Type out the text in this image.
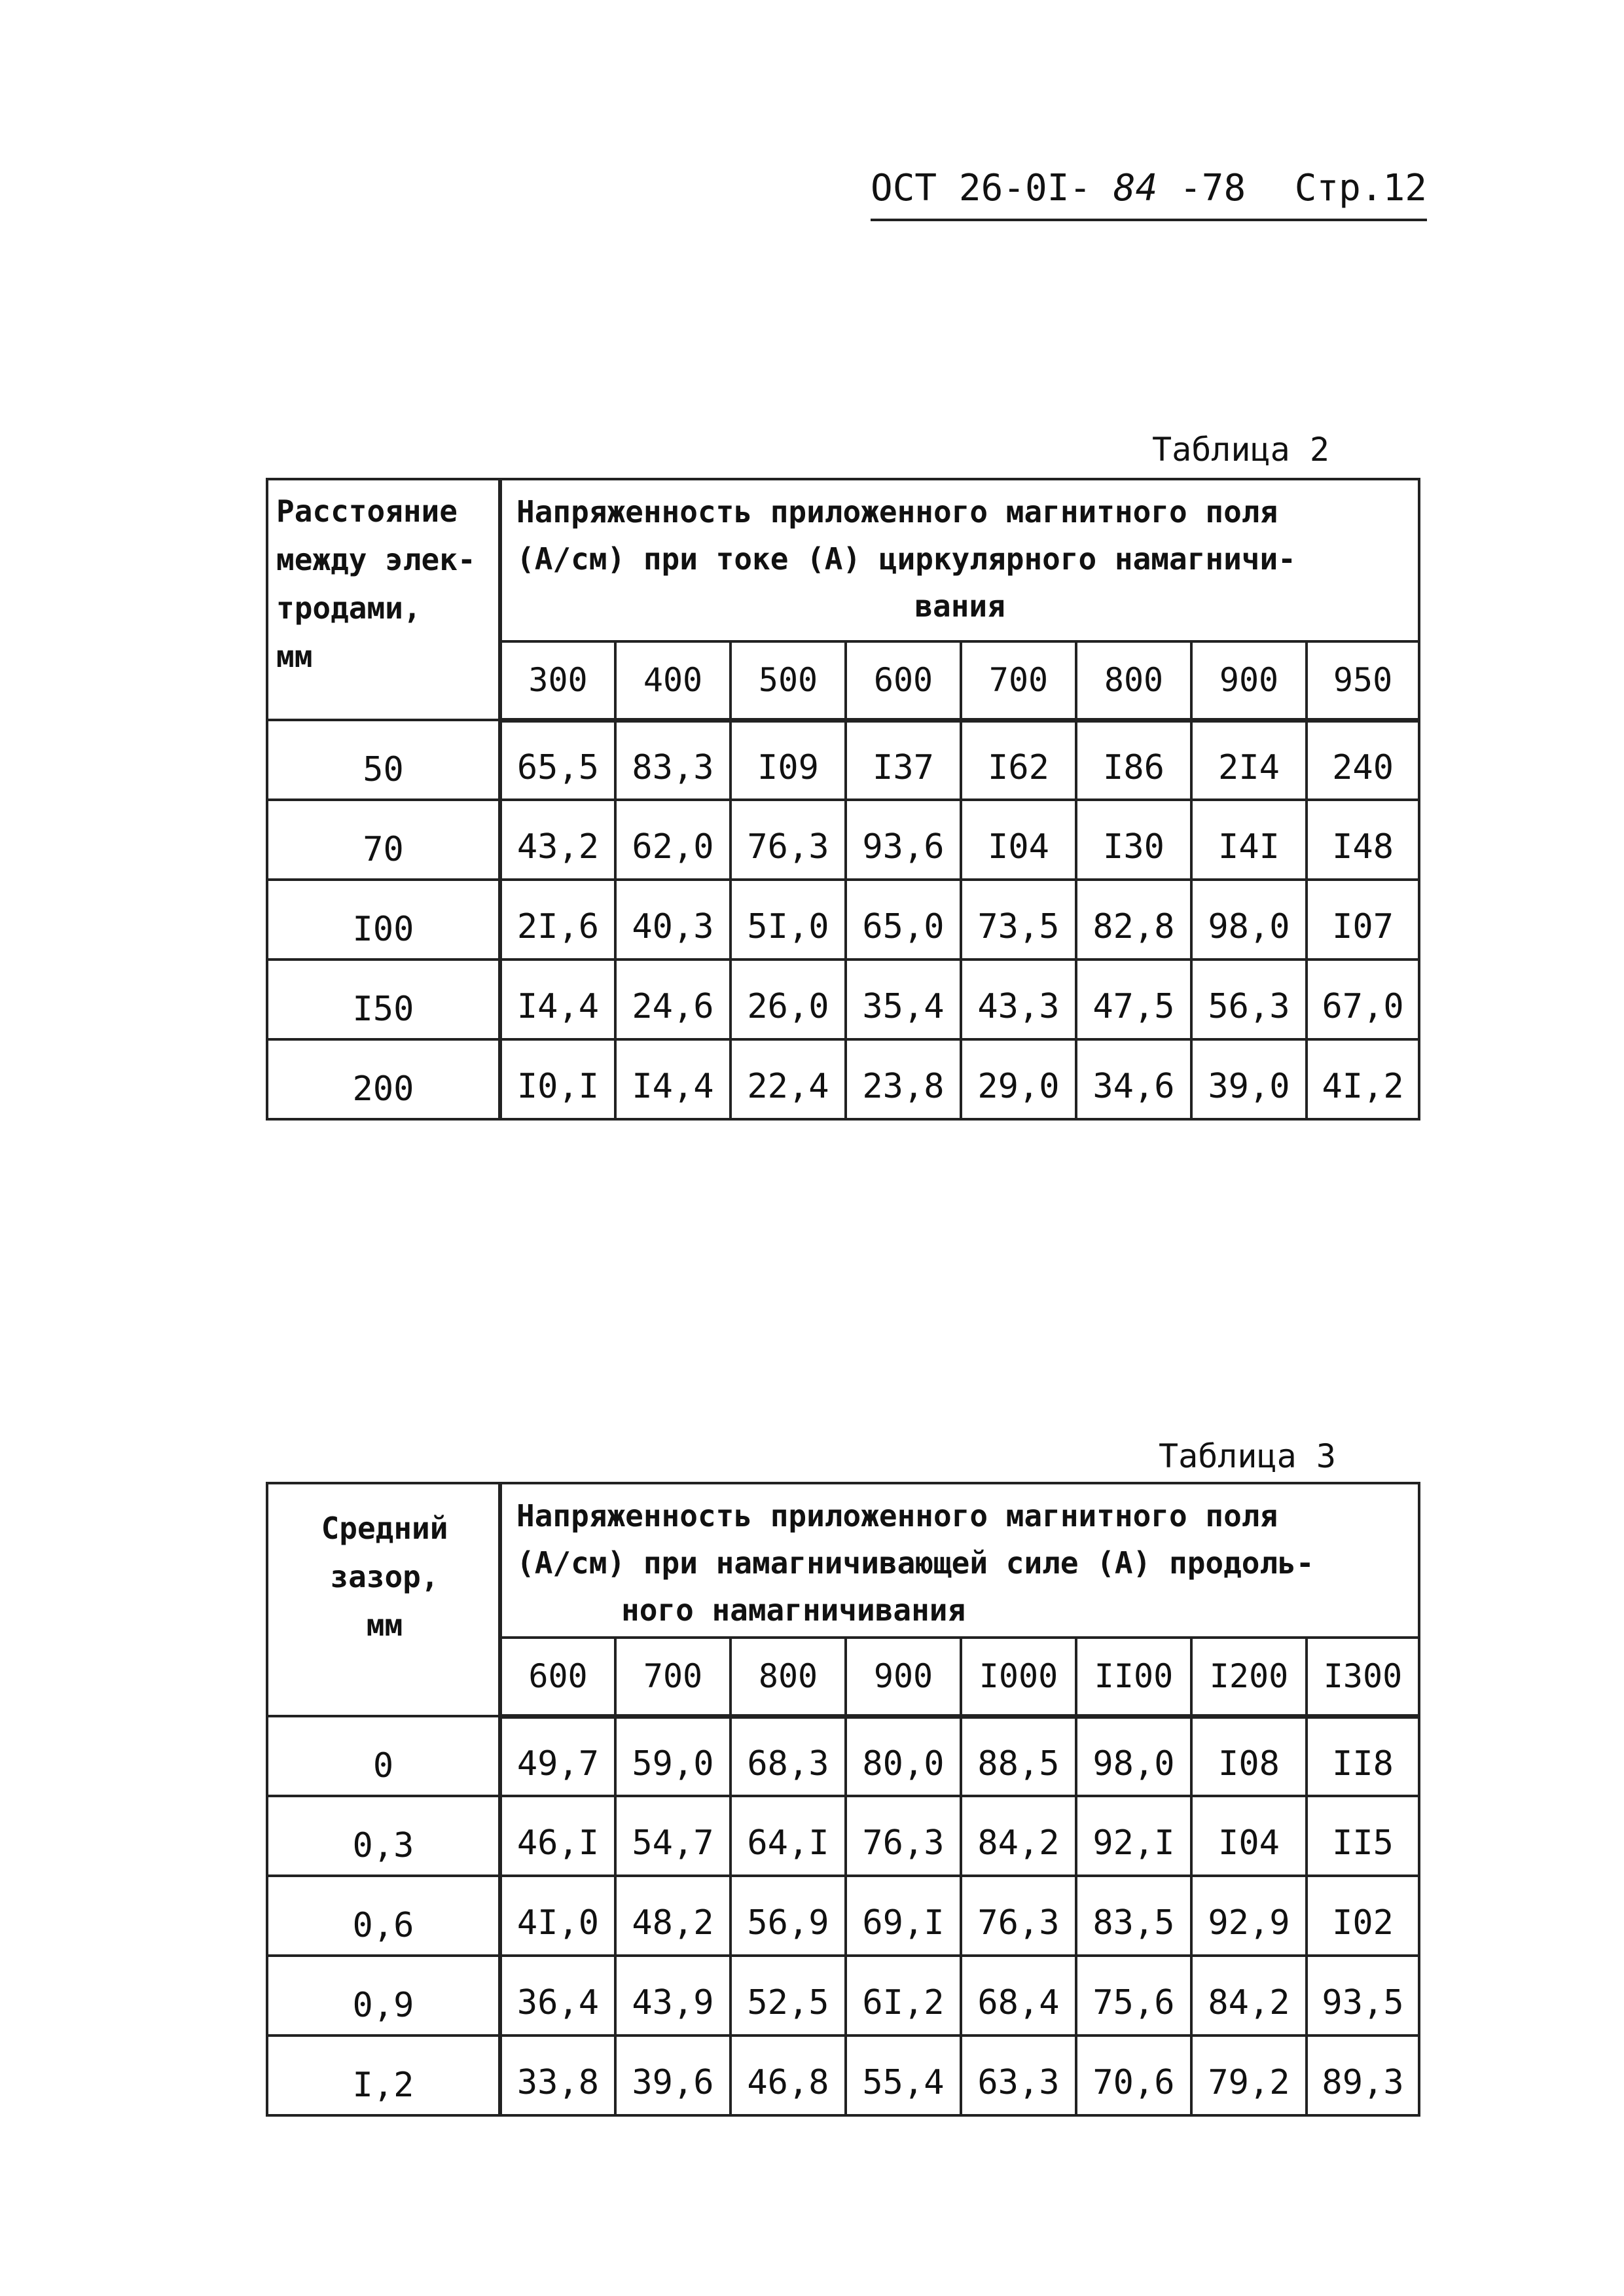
ОСТ 26-0I- 84 -78 Стр.12
Таблица 2
Расстояние
между элек-
тродами,
мм	Напряженность приложенного магнитного поля
(А/см) при токе (А) циркулярного намагничи-
вания							

	300	400	500	600	700	800	900	950
50	65,5	83,3	I09	I37	I62	I86	2I4	240
70	43,2	62,0	76,3	93,6	I04	I30	I4I	I48
I00	2I,6	40,3	5I,0	65,0	73,5	82,8	98,0	I07
I50	I4,4	24,6	26,0	35,4	43,3	47,5	56,3	67,0
200	I0,I	I4,4	22,4	23,8	29,0	34,6	39,0	4I,2
Таблица 3
Средний
зазор,
мм	Напряженность приложенного магнитного поля
(А/см) при намагничивающей силе (А) продоль-
ного намагничивания							

	600	700	800	900	I000	II00	I200	I300
0	49,7	59,0	68,3	80,0	88,5	98,0	I08	II8
0,3	46,I	54,7	64,I	76,3	84,2	92,I	I04	II5
0,6	4I,0	48,2	56,9	69,I	76,3	83,5	92,9	I02
0,9	36,4	43,9	52,5	6I,2	68,4	75,6	84,2	93,5
I,2	33,8	39,6	46,8	55,4	63,3	70,6	79,2	89,3
